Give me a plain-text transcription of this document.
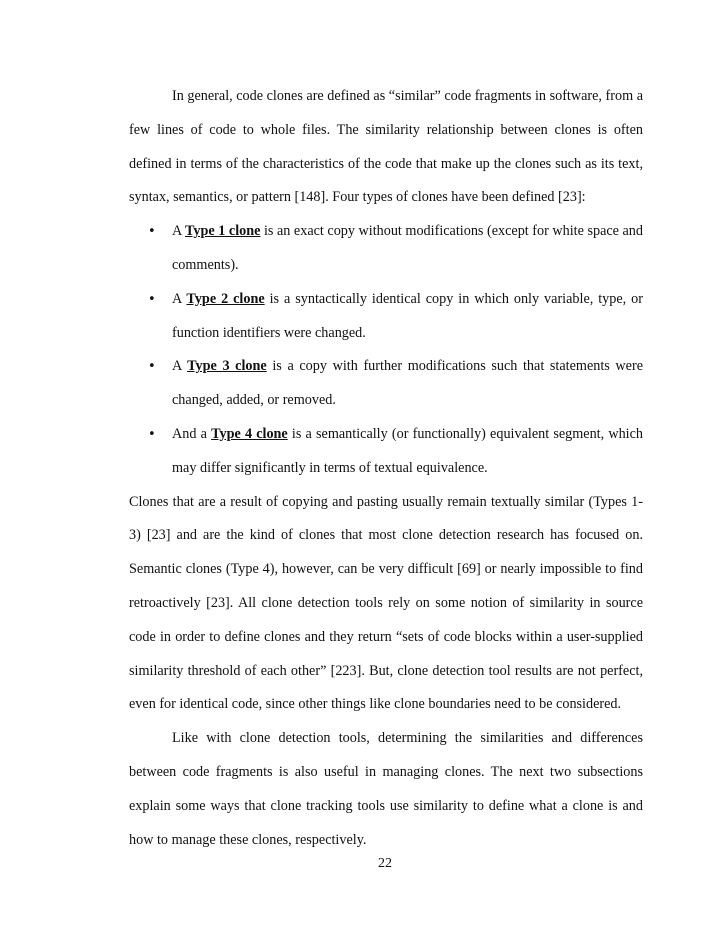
In general, code clones are defined as “similar” code fragments in software, from a few lines of code to whole files. The similarity relationship between clones is often defined in terms of the characteristics of the code that make up the clones such as its text, syntax, semantics, or pattern [148]. Four types of clones have been defined [23]:

• A Type 1 clone is an exact copy without modifications (except for white space and comments).
• A Type 2 clone is a syntactically identical copy in which only variable, type, or function identifiers were changed.
• A Type 3 clone is a copy with further modifications such that statements were changed, added, or removed.
• And a Type 4 clone is a semantically (or functionally) equivalent segment, which may differ significantly in terms of textual equivalence.

Clones that are a result of copying and pasting usually remain textually similar (Types 1-3) [23] and are the kind of clones that most clone detection research has focused on. Semantic clones (Type 4), however, can be very difficult [69] or nearly impossible to find retroactively [23]. All clone detection tools rely on some notion of similarity in source code in order to define clones and they return “sets of code blocks within a user-supplied similarity threshold of each other” [223]. But, clone detection tool results are not perfect, even for identical code, since other things like clone boundaries need to be considered.

Like with clone detection tools, determining the similarities and differences between code fragments is also useful in managing clones. The next two subsections explain some ways that clone tracking tools use similarity to define what a clone is and how to manage these clones, respectively.

22
